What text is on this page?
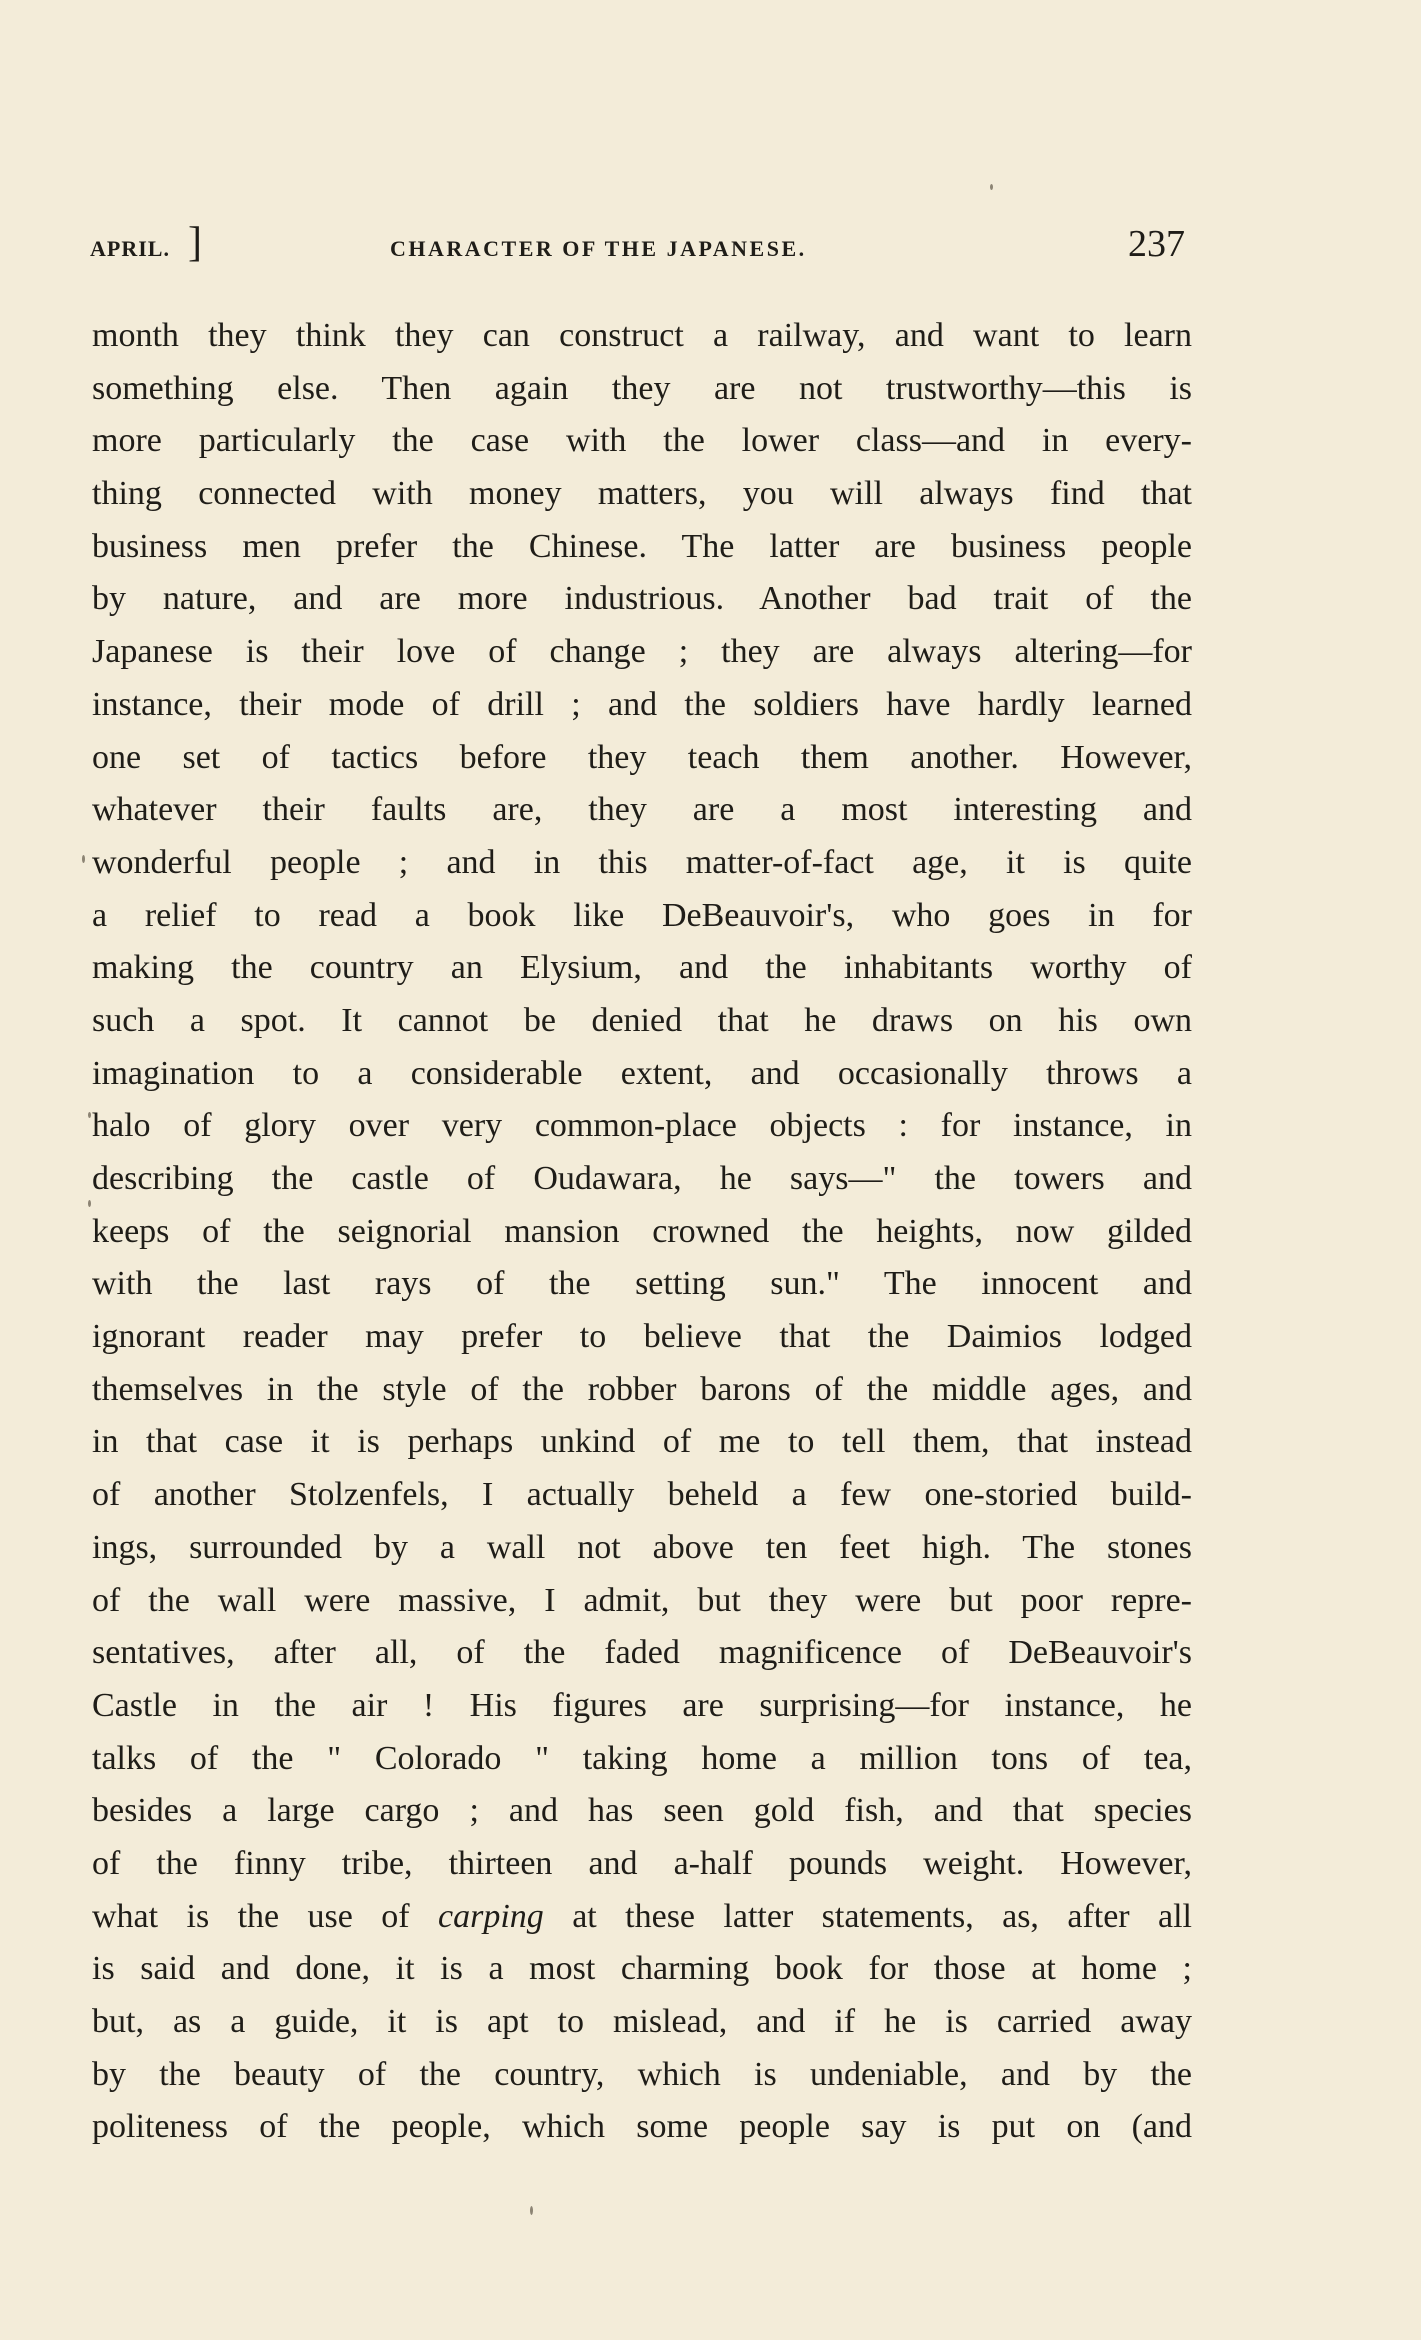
APRIL. ]	CHARACTER OF THE JAPANESE.	237
month they think they can construct a railway, and want to learn
something else. Then again they are not trustworthy—this is
more particularly the case with the lower class—and in every-
thing connected with money matters, you will always find that
business men prefer the Chinese. The latter are business people
by nature, and are more industrious. Another bad trait of the
Japanese is their love of change ; they are always altering—for
instance, their mode of drill ; and the soldiers have hardly learned
one set of tactics before they teach them another. However,
whatever their faults are, they are a most interesting and
wonderful people ; and in this matter-of-fact age, it is quite
a relief to read a book like DeBeauvoir's, who goes in for
making the country an Elysium, and the inhabitants worthy of
such a spot. It cannot be denied that he draws on his own
imagination to a considerable extent, and occasionally throws a
halo of glory over very common-place objects : for instance, in
describing the castle of Oudawara, he says—" the towers and
keeps of the seignorial mansion crowned the heights, now gilded
with the last rays of the setting sun." The innocent and
ignorant reader may prefer to believe that the Daimios lodged
themselves in the style of the robber barons of the middle ages, and
in that case it is perhaps unkind of me to tell them, that instead
of another Stolzenfels, I actually beheld a few one-storied build-
ings, surrounded by a wall not above ten feet high. The stones
of the wall were massive, I admit, but they were but poor repre-
sentatives, after all, of the faded magnificence of DeBeauvoir's
Castle in the air ! His figures are surprising—for instance, he
talks of the " Colorado " taking home a million tons of tea,
besides a large cargo ; and has seen gold fish, and that species
of the finny tribe, thirteen and a-half pounds weight. However,
what is the use of carping at these latter statements, as, after all
is said and done, it is a most charming book for those at home ;
but, as a guide, it is apt to mislead, and if he is carried away
by the beauty of the country, which is undeniable, and by the
politeness of the people, which some people say is put on (and
